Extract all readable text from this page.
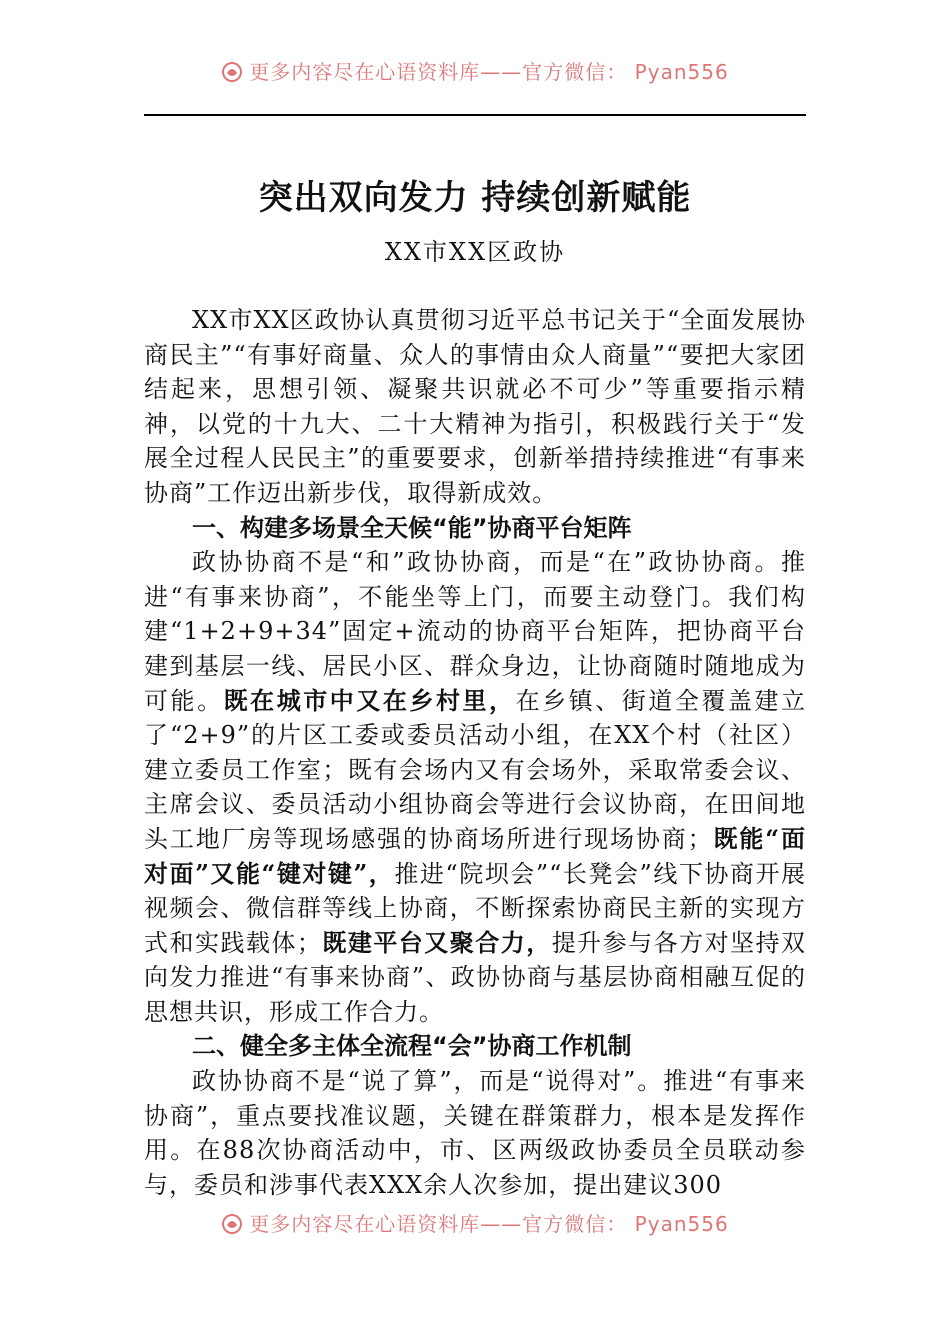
更多内容尽在心语资料库——官方微信： Pyan556
突出双向发力 持续创新赋能
XX市XX区政协

XX市XX区政协认真贯彻习近平总书记关于“全面发展协商民主”“有事好商量、众人的事情由众人商量”“要把大家团结起来，思想引领、凝聚共识就必不可少”等重要指示精神，以党的十九大、二十大精神为指引，积极践行关于“发展全过程人民民主”的重要要求，创新举措持续推进“有事来协商”工作迈出新步伐，取得新成效。

一、构建多场景全天候“能”协商平台矩阵

政协协商不是“和”政协协商，而是“在”政协协商。推进“有事来协商”，不能坐等上门，而要主动登门。我们构建“1+2+9+34”固定+流动的协商平台矩阵，把协商平台建到基层一线、居民小区、群众身边，让协商随时随地成为可能。既在城市中又在乡村里，在乡镇、街道全覆盖建立了“2+9”的片区工委或委员活动小组，在XX个村（社区）建立委员工作室；既有会场内又有会场外，采取常委会议、主席会议、委员活动小组协商会等进行会议协商，在田间地头工地厂房等现场感强的协商场所进行现场协商；既能“面对面”又能“键对键”，推进“院坝会”“长凳会”线下协商开展视频会、微信群等线上协商，不断探索协商民主新的实现方式和实践载体；既建平台又聚合力，提升参与各方对坚持双向发力推进“有事来协商”、政协协商与基层协商相融互促的思想共识，形成工作合力。

二、健全多主体全流程“会”协商工作机制

政协协商不是“说了算”，而是“说得对”。推进“有事来协商”，重点要找准议题，关键在群策群力，根本是发挥作用。在88次协商活动中，市、区两级政协委员全员联动参与，委员和涉事代表XXX余人次参加，提出建议300

更多内容尽在心语资料库——官方微信： Pyan556
